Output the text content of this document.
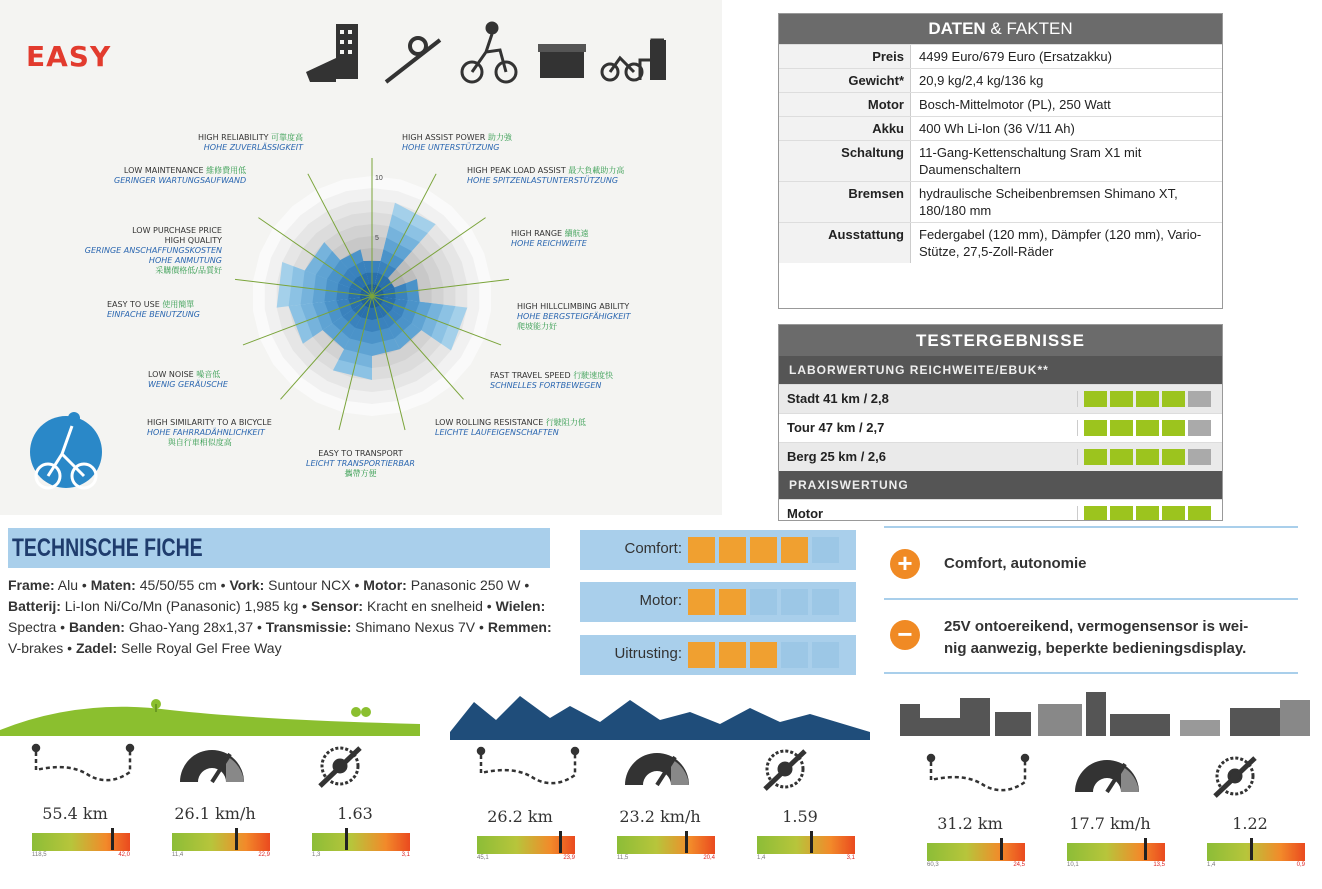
EASY
10
5
HIGH RELIABILITY 可靠度高
HOHE ZUVERLÄSSIGKEIT
HIGH ASSIST POWER 助力強
HOHE UNTERSTÜTZUNG
LOW MAINTENANCE 維修費用低
GERINGER WARTUNGSAUFWAND
HIGH PEAK LOAD ASSIST 最大負載助力高
HOHE SPITZENLASTUNTERSTÜTZUNG
LOW PURCHASE PRICE
HIGH QUALITY
GERINGE ANSCHAFFUNGSKOSTEN
HOHE ANMUTUNG
采購價格低/品質好
HIGH RANGE 續航遠
HOHE REICHWEITE
EASY TO USE 使用簡單
EINFACHE BENUTZUNG
HIGH HILLCLIMBING ABILITY
HOHE BERGSTEIGFÄHIGKEIT
爬坡能力好
LOW NOISE 噪音低
WENIG GERÄUSCHE
FAST TRAVEL SPEED 行駛速度快
SCHNELLES FORTBEWEGEN
HIGH SIMILARITY TO A BICYCLE
HOHE FAHRRADÄHNLICHKEIT
與自行車相似度高
LOW ROLLING RESISTANCE 行駛阻力低
LEICHTE LAUFEIGENSCHAFTEN
EASY TO TRANSPORT
LEICHT TRANSPORTIERBAR
攜帶方便
DATEN & FAKTEN
Preis	4499 Euro/679 Euro (Ersatzakku)
Gewicht*	20,9 kg/2,4 kg/136 kg
Motor	Bosch-Mittelmotor (PL), 250 Watt
Akku	400 Wh Li-Ion (36 V/11 Ah)
Schaltung	11-Gang-Kettenschaltung Sram X1 mit Daumenschaltern
Bremsen	hydraulische Scheibenbremsen Shimano XT, 180/180 mm
Ausstattung	Federgabel (120 mm), Dämpfer (120 mm), Vario-Stütze, 27,5-Zoll-Räder
TESTERGEBNISSE
LABORWERTUNG REICHWEITE/EBUK**
Stadt 41 km / 2,8
Tour 47 km / 2,7
Berg 25 km / 2,6
PRAXISWERTUNG
Motor
TECHNISCHE FICHE
Frame: Alu • Maten: 45/50/55 cm • Vork: Suntour NCX • Motor: Panasonic 250 W • Batterij: Li-Ion Ni/Co/Mn (Panasonic) 1,985 kg • Sensor: Kracht en snelheid • Wielen: Spectra • Banden: Ghao-Yang 28x1,37 • Transmissie: Shimano Nexus 7V • Remmen: V-brakes • Zadel: Selle Royal Gel Free Way
Comfort:
Motor:
Uitrusting:
+	Comfort, autonomie
−	25V ontoereikend, vermogensensor is wei-
nig aanwezig, beperkte bedieningsdisplay.
55.4 km
118,5	42,0
26.1 km/h
11,4	22,9
1.63
1,3	3,1
26.2 km
45,1	23,9
23.2 km/h
11,5	20,4
1.59
1,4	3,1
31.2 km
60,3	24,5
17.7 km/h
10,1	13,5
1.22
1,4	0,9
